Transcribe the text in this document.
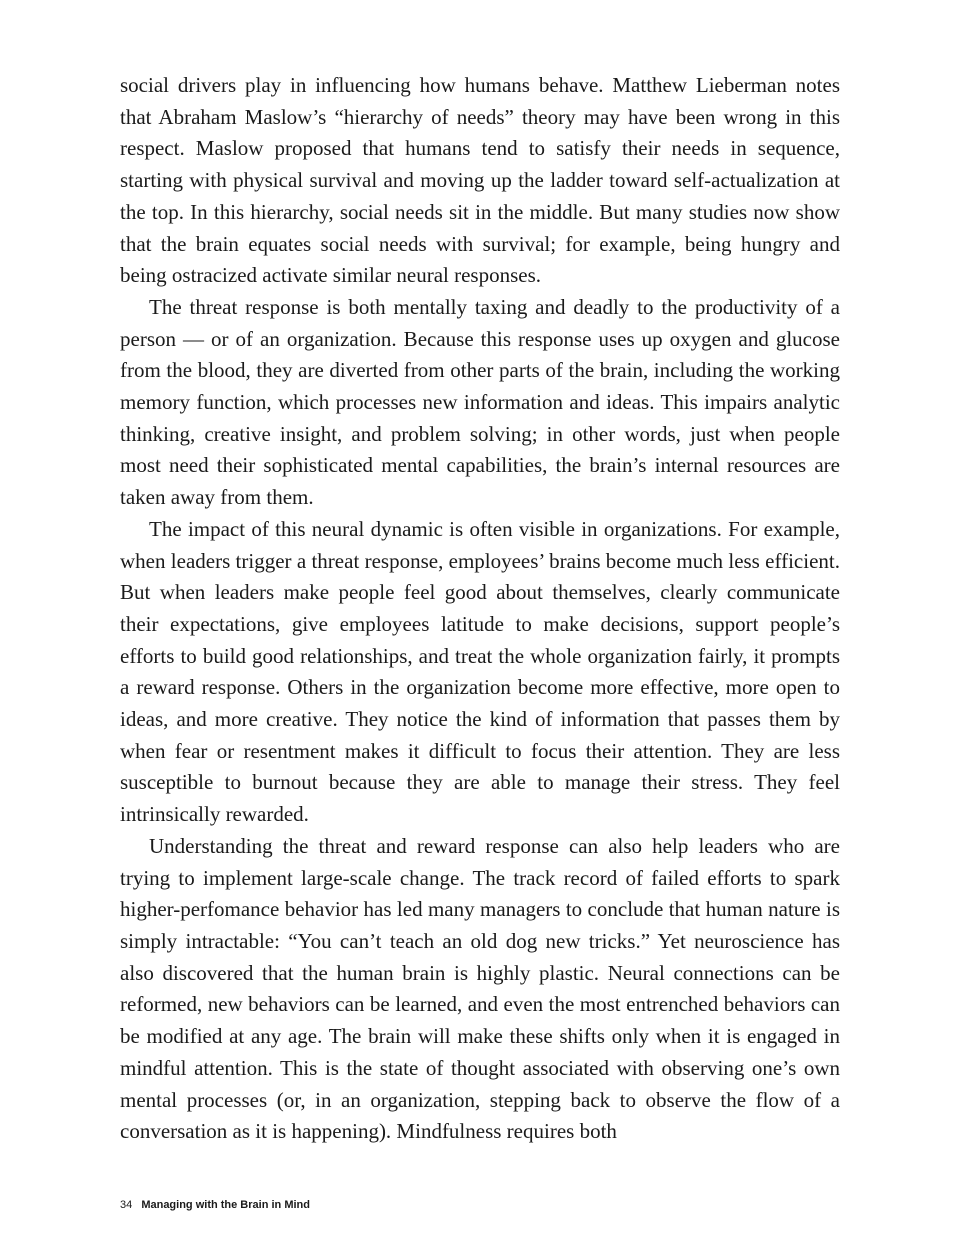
social drivers play in influencing how humans behave. Matthew Lieberman notes that Abraham Maslow’s “hierarchy of needs” theory may have been wrong in this respect. Maslow proposed that humans tend to satisfy their needs in sequence, starting with physical survival and moving up the ladder toward self-actualization at the top. In this hierarchy, social needs sit in the middle. But many studies now show that the brain equates social needs with survival; for example, being hungry and being ostracized activate similar neural responses.

The threat response is both mentally taxing and deadly to the productivity of a person — or of an organization. Because this response uses up oxygen and glucose from the blood, they are diverted from other parts of the brain, including the working memory function, which processes new information and ideas. This impairs analytic thinking, creative insight, and problem solving; in other words, just when people most need their sophisticated mental capabilities, the brain’s internal resources are taken away from them.

The impact of this neural dynamic is often visible in organizations. For example, when leaders trigger a threat response, employees’ brains become much less efficient. But when leaders make people feel good about themselves, clearly communicate their expectations, give employees latitude to make decisions, support people’s efforts to build good relationships, and treat the whole organization fairly, it prompts a reward response. Others in the organization become more effective, more open to ideas, and more creative. They notice the kind of information that passes them by when fear or resentment makes it difficult to focus their attention. They are less susceptible to burnout because they are able to manage their stress. They feel intrinsically rewarded.

Understanding the threat and reward response can also help leaders who are trying to implement large-scale change. The track record of failed efforts to spark higher-perfomance behavior has led many managers to conclude that human nature is simply intractable: “You can’t teach an old dog new tricks.” Yet neuroscience has also discovered that the human brain is highly plastic. Neural connections can be reformed, new behaviors can be learned, and even the most entrenched behaviors can be modified at any age. The brain will make these shifts only when it is engaged in mindful attention. This is the state of thought associated with observing one’s own mental processes (or, in an organization, stepping back to observe the flow of a conversation as it is happening). Mindfulness requires both

34 Managing with the Brain in Mind
